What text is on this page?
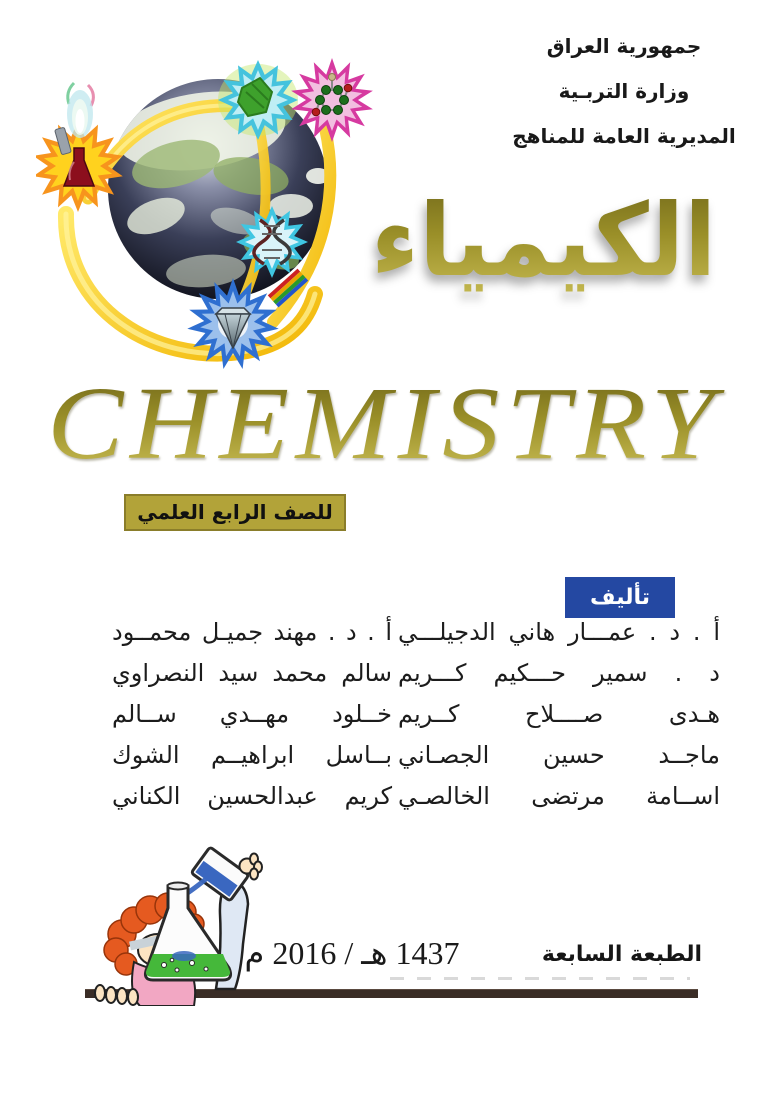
جمهورية العراق
وزارة التربـية
المديرية العامة للمناهج
الكيمياء
CHEMISTRY
للصف الرابع العلمي
تأليف
أ . د . عمـــار هاني الدجيلـــي
د . سمير حـــكيم كـــريم
هـدى صــــلاح كــريم
ماجــد حسين الجصـاني
اســامة مرتضى الخالصـي
أ . د . مهند جميـل محمــود
سالم محمد سيد النصراوي
خــلود مهــدي ســالم
بــاسل ابراهيــم الشوك
كريم عبدالحسين الكناني
الطبعة السابعة
1437 هـ / 2016 م
